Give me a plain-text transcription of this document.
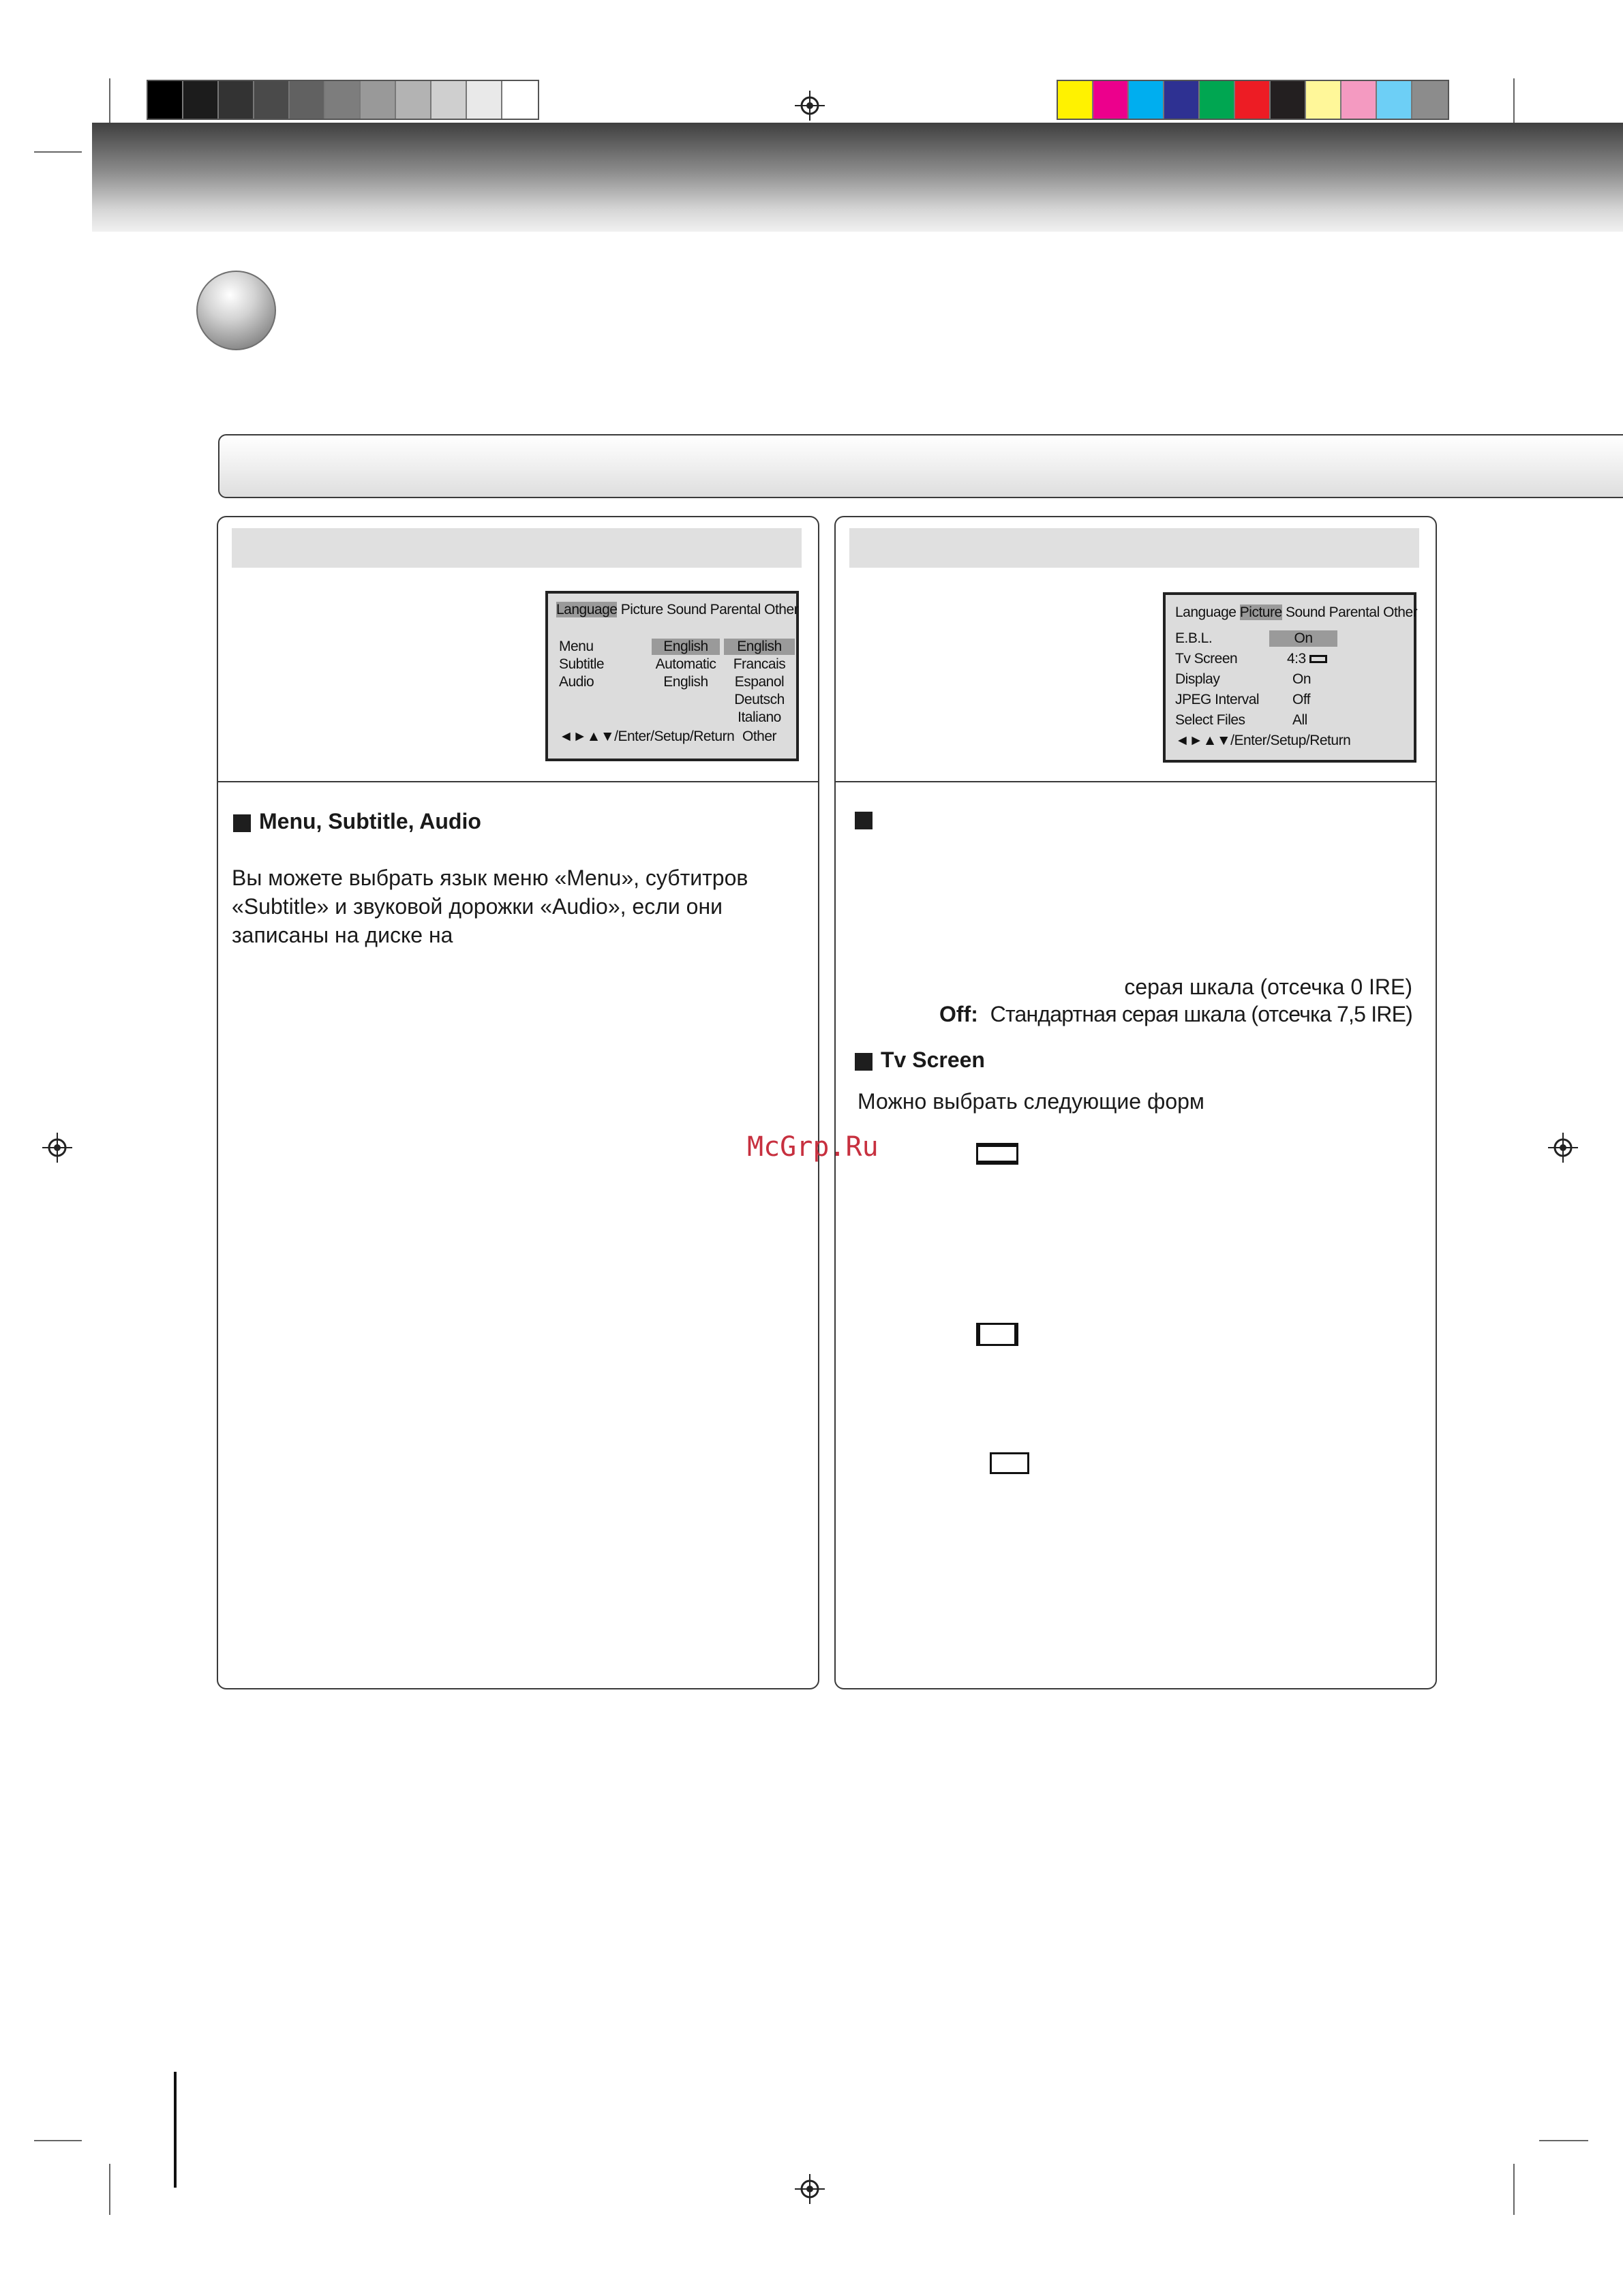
Language Picture Sound Parental Other
Menu
Subtitle
Audio
English
Automatic
English
English
Francais
Espanol
Deutsch
Italiano
Other
◄►▲▼/Enter/Setup/Return
Menu, Subtitle, Audio
Вы можете выбрать язык меню «Menu», субтитров «Subtitle» и звуковой дорожки «Audio», если они записаны на диске на
Language Picture Sound Parental Other
E.B.L.
Tv Screen
Display
JPEG Interval
Select Files
On
4:3
On
Off
All
◄►▲▼/Enter/Setup/Return
серая шкала (отсечка 0 IRE)
Off: Стандартная серая шкала (отсечка 7,5 IRE)
Tv Screen
Можно выбрать следующие форм
McGrp.Ru
